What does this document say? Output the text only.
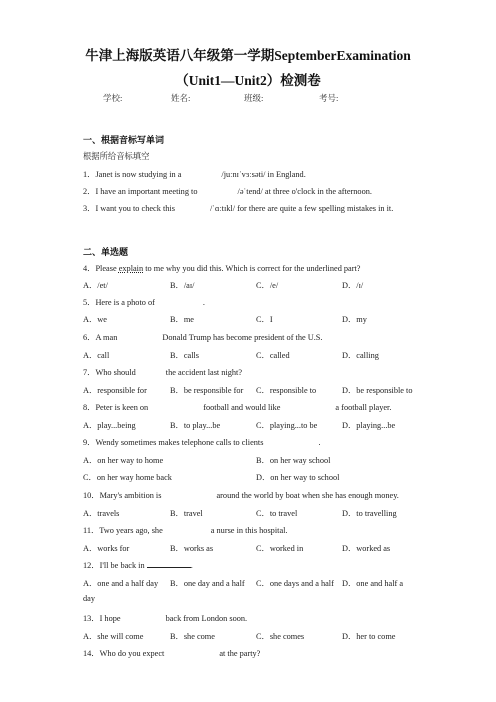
牛津上海版英语八年级第一学期SeptemberExamination
（Unit1—Unit2）检测卷
学校:	姓名:	班级:	考号:
一、根据音标写单词
根据所给音标填空
1．Janet is now studying in a	/juːnɪˈvɜːsəti/ in England.
2．I have an important meeting to	/əˈtend/ at three o'clock in the afternoon.
3．I want you to check this	/ˈɑːtɪkl/ for there are quite a few spelling mistakes in it.
二、单选题
4．Please explain to me why you did this. Which is correct for the underlined part?
A．/et/	B．/aɪ/	C．/e/	D．/ɪ/
5．Here is a photo of	.
A．we	B．me	C．I	D．my
6．A man	Donald Trump has become president of the U.S.
A．call	B．calls	C．called	D．calling
7．Who should	the accident last night?
A．responsible for	B．be responsible for C．responsible to	D．be responsible to
8．Peter is keen on	football and would like	a football player.
A．play...being	B．to play...be	C．playing...to be	D．playing...be
9．Wendy sometimes makes telephone calls to clients	.
A．on her way to home	B．on her way school
C．on her way home back	D．on her way to school
10．Mary's ambition is	around the world by boat when she has enough money.
A．travels	B．travel	C．to travel	D．to travelling
11．Two years ago, she	a nurse in this hospital.
A．works for	B．works as	C．worked in	D．worked as
12．I'll be back in	.
A．one and a half day B．one day and a half C．one days and a half D．one and half a
day
13．I hope	back from London soon.
A．she will come	B．she come	C．she comes	D．her to come
14．Who do you expect	at the party?
